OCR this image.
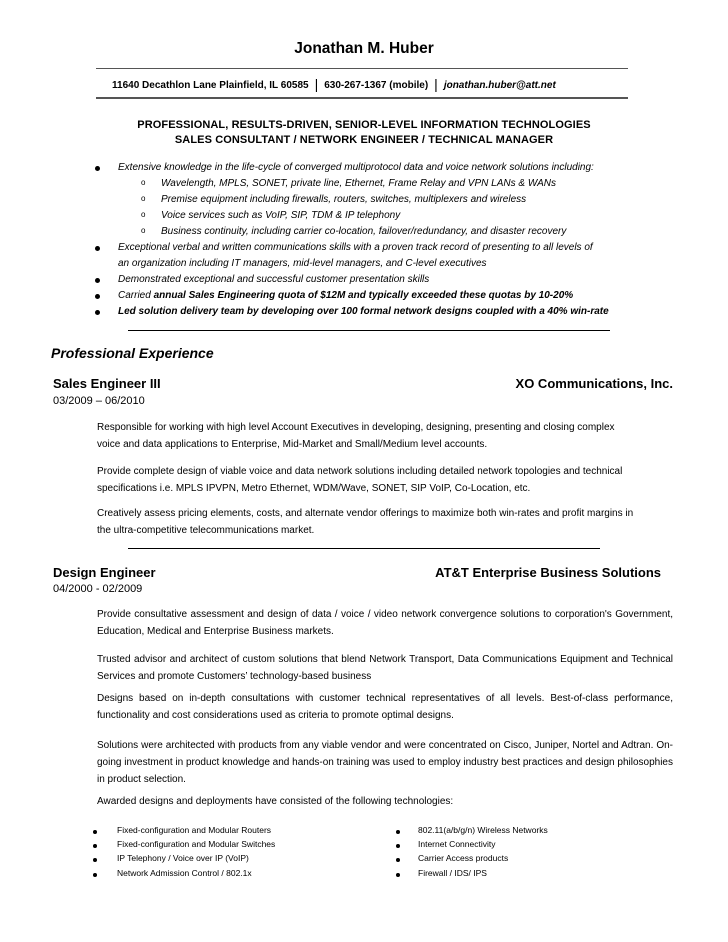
Jonathan M. Huber
11640 Decathlon Lane Plainfield, IL 60585 | 630-267-1367 (mobile) | jonathan.huber@att.net
PROFESSIONAL, RESULTS-DRIVEN, SENIOR-LEVEL INFORMATION TECHNOLOGIES
SALES CONSULTANT / NETWORK ENGINEER / TECHNICAL MANAGER
Extensive knowledge in the life-cycle of converged multiprotocol data and voice network solutions including:
o Wavelength, MPLS, SONET, private line, Ethernet, Frame Relay and VPN LANs & WANs
o Premise equipment including firewalls, routers, switches, multiplexers and wireless
o Voice services such as VoIP, SIP, TDM & IP telephony
o Business continuity, including carrier co-location, failover/redundancy, and disaster recovery
Exceptional verbal and written communications skills with a proven track record of presenting to all levels of
an organization including IT managers, mid-level managers, and C-level executives
Demonstrated exceptional and successful customer presentation skills
Carried annual Sales Engineering quota of $12M and typically exceeded these quotas by 10-20%
Led solution delivery team by developing over 100 formal network designs coupled with a 40% win-rate
Professional Experience
Sales Engineer III	XO Communications, Inc.
03/2009 – 06/2010
Responsible for working with high level Account Executives in developing, designing, presenting and closing complex
voice and data applications to Enterprise, Mid-Market and Small/Medium level accounts.
Provide complete design of viable voice and data network solutions including detailed network topologies and technical
specifications i.e. MPLS IPVPN, Metro Ethernet, WDM/Wave, SONET, SIP VoIP, Co-Location, etc.
Creatively assess pricing elements, costs, and alternate vendor offerings to maximize both win-rates and profit margins in
the ultra-competitive telecommunications market.
Design Engineer	AT&T Enterprise Business Solutions
04/2000 - 02/2009
Provide consultative assessment and design of data / voice / video network convergence solutions to corporation's Government, Education, Medical and Enterprise Business markets.
Trusted advisor and architect of custom solutions that blend Network Transport, Data Communications Equipment and Technical Services and promote Customers’ technology-based business
Designs based on in-depth consultations with customer technical representatives of all levels. Best-of-class performance, functionality and cost considerations used as criteria to promote optimal designs.
Solutions were architected with products from any viable vendor and were concentrated on Cisco, Juniper, Nortel and Adtran. On-going investment in product knowledge and hands-on training was used to employ industry best practices and design philosophies in product selection.
Awarded designs and deployments have consisted of the following technologies:
Fixed-configuration and Modular Routers
Fixed-configuration and Modular Switches
IP Telephony / Voice over IP (VoIP)
Network Admission Control / 802.1x
802.11(a/b/g/n) Wireless Networks
Internet Connectivity
Carrier Access products
Firewall / IDS/ IPS
